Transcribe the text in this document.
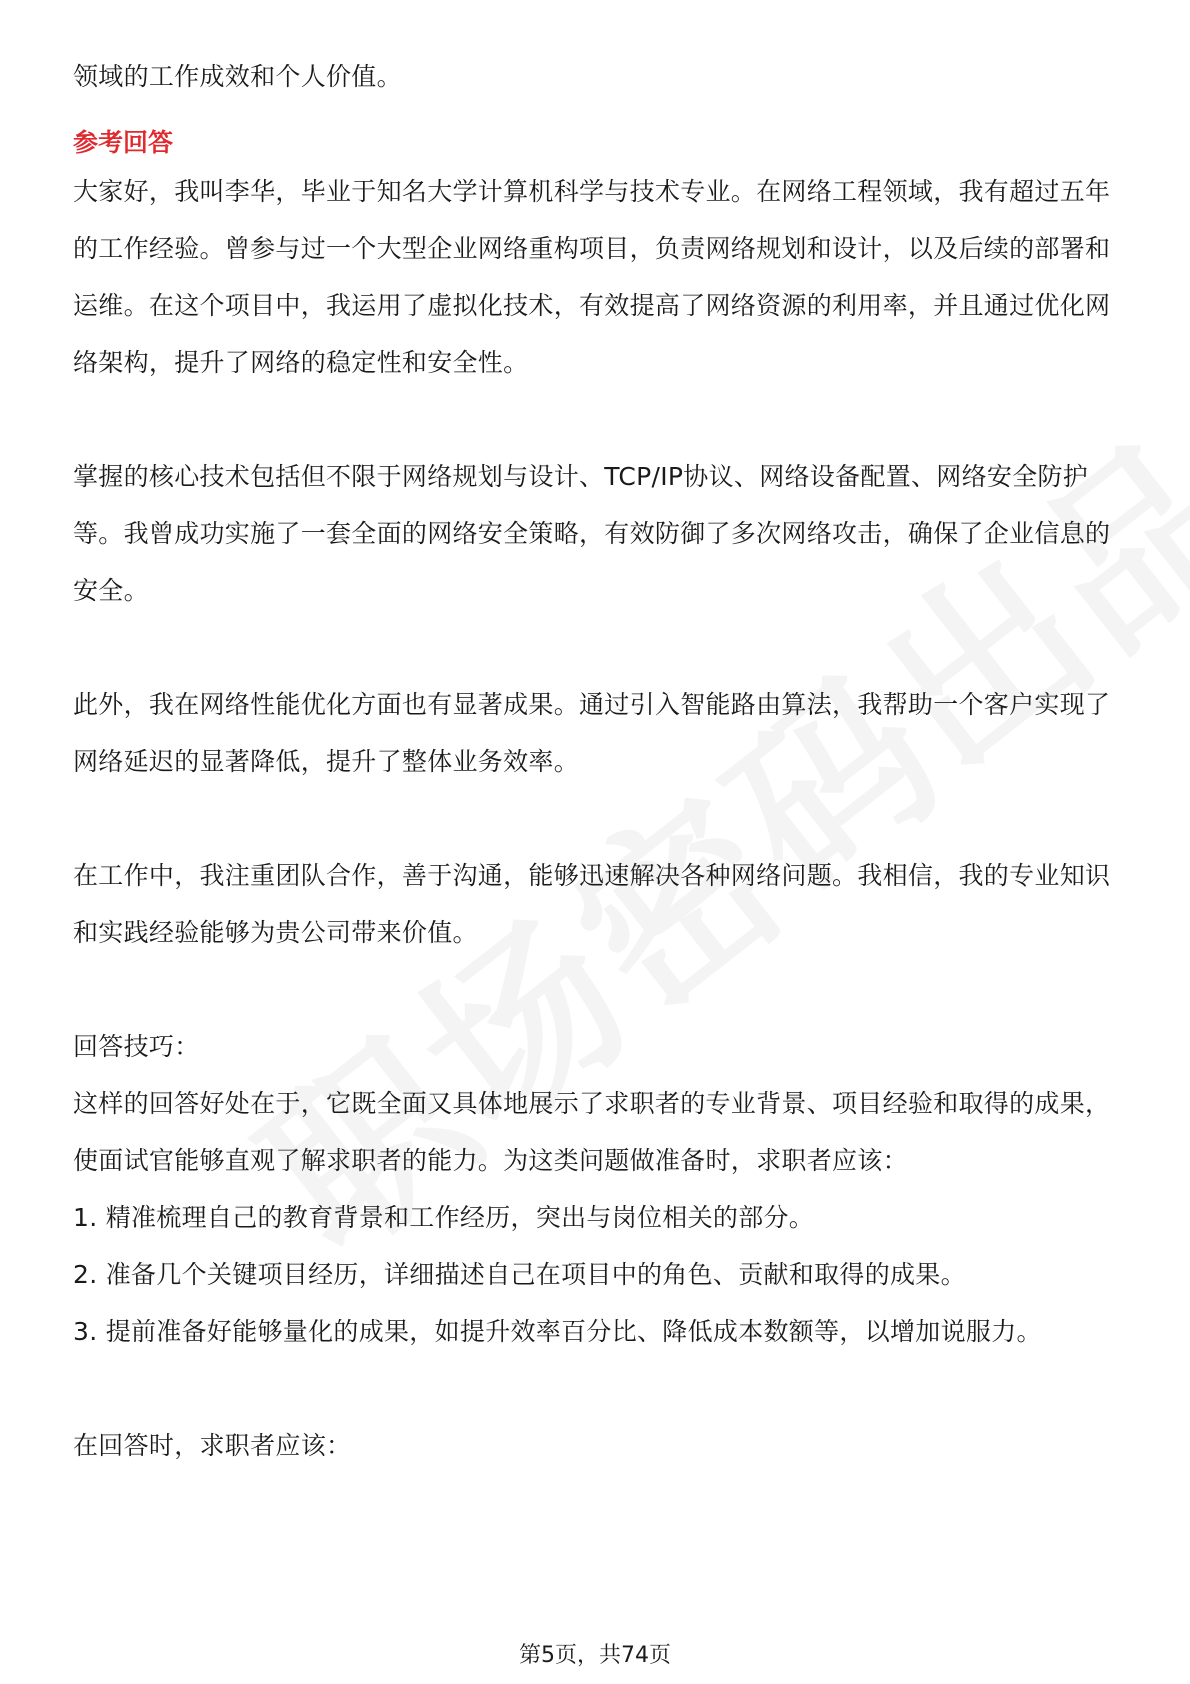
领域的工作成效和个人价值。

参考回答

大家好，我叫李华，毕业于知名大学计算机科学与技术专业。在网络工程领域，我有超过五年的工作经验。曾参与过一个大型企业网络重构项目，负责网络规划和设计，以及后续的部署和运维。在这个项目中，我运用了虚拟化技术，有效提高了网络资源的利用率，并且通过优化网络架构，提升了网络的稳定性和安全性。

掌握的核心技术包括但不限于网络规划与设计、TCP/IP协议、网络设备配置、网络安全防护等。我曾成功实施了一套全面的网络安全策略，有效防御了多次网络攻击，确保了企业信息的安全。

此外，我在网络性能优化方面也有显著成果。通过引入智能路由算法，我帮助一个客户实现了网络延迟的显著降低，提升了整体业务效率。

在工作中，我注重团队合作，善于沟通，能够迅速解决各种网络问题。我相信，我的专业知识和实践经验能够为贵公司带来价值。

回答技巧：

这样的回答好处在于，它既全面又具体地展示了求职者的专业背景、项目经验和取得的成果，使面试官能够直观了解求职者的能力。为这类问题做准备时，求职者应该：

1. 精准梳理自己的教育背景和工作经历，突出与岗位相关的部分。

2. 准备几个关键项目经历，详细描述自己在项目中的角色、贡献和取得的成果。

3. 提前准备好能够量化的成果，如提升效率百分比、降低成本数额等，以增加说服力。

在回答时，求职者应该：

第5页，共74页
